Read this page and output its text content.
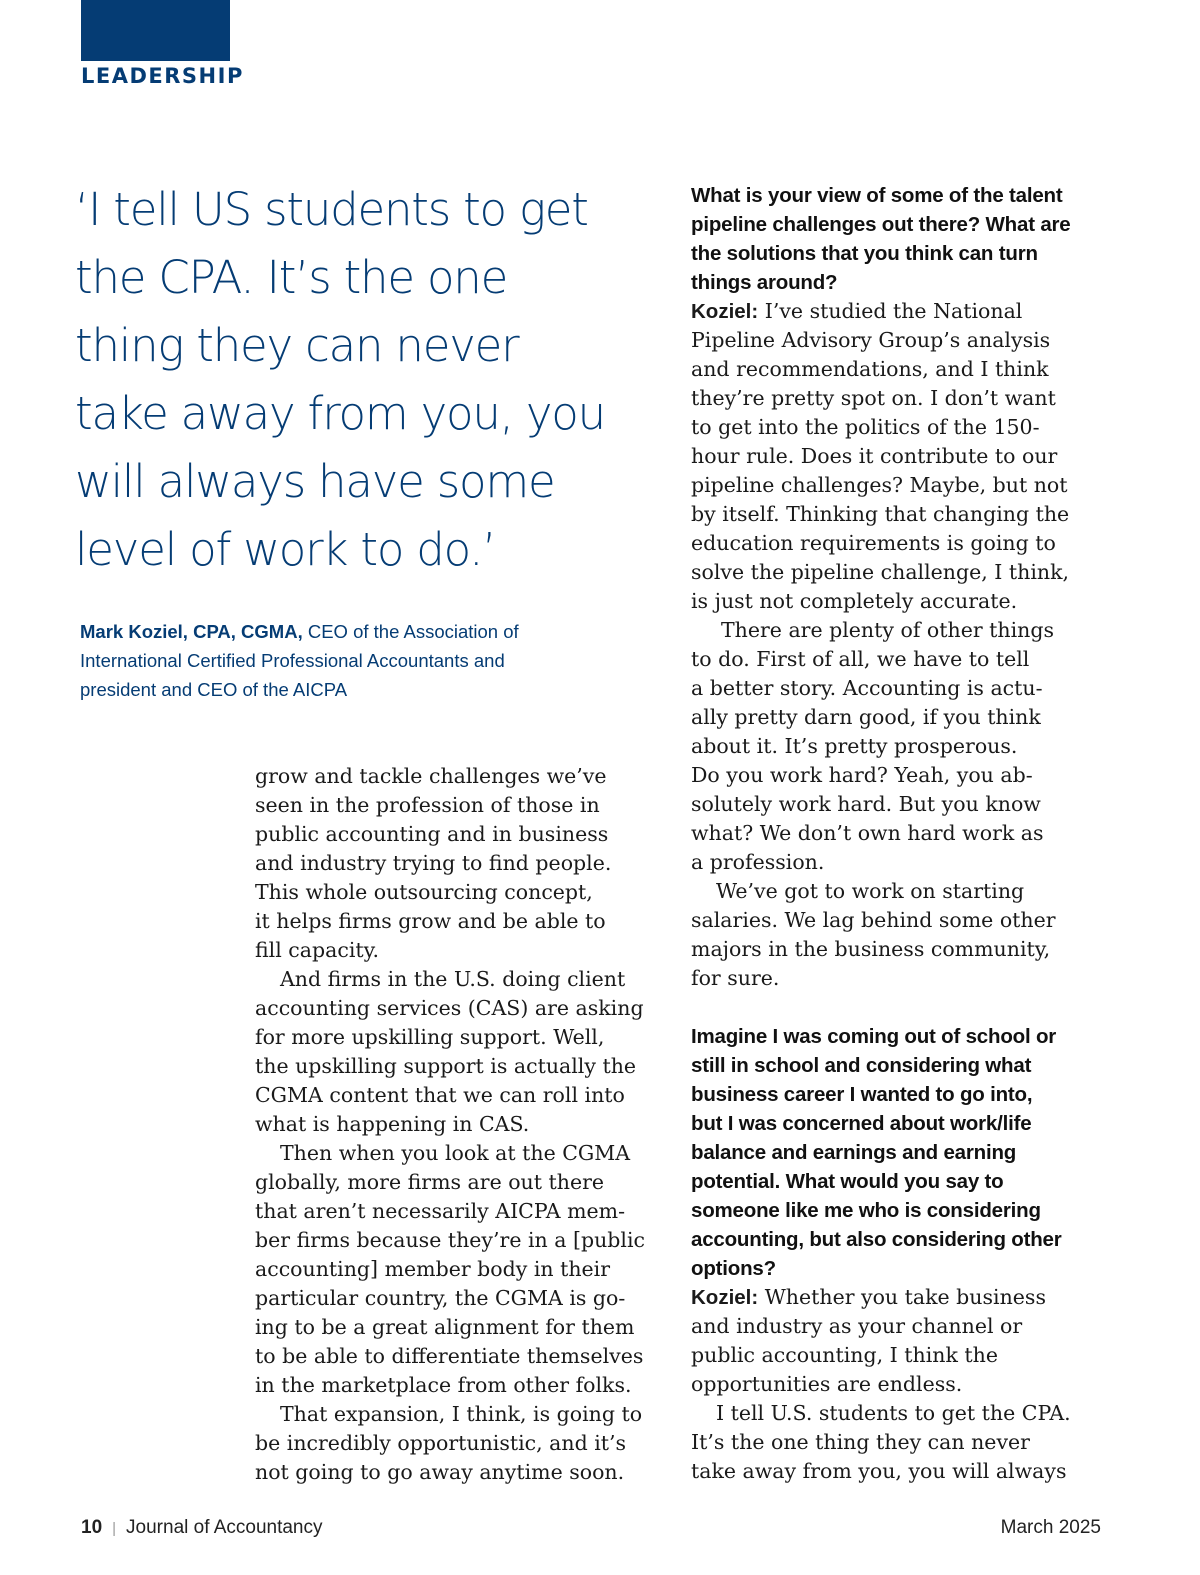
LEADERSHIP
‘I tell US students to get
the CPA. It’s the one
thing they can never
take away from you, you
will always have some
level of work to do.’
Mark Koziel, CPA, CGMA, CEO of the Association of International Certified Professional Accountants and president and CEO of the AICPA

grow and tackle challenges we’ve
seen in the profession of those in
public accounting and in business
and industry trying to find people.
This whole outsourcing concept,
it helps firms grow and be able to
fill capacity.

And firms in the U.S. doing client
accounting services (CAS) are asking
for more upskilling support. Well,
the upskilling support is actually the
CGMA content that we can roll into
what is happening in CAS.

Then when you look at the CGMA
globally, more firms are out there
that aren’t necessarily AICPA mem-
ber firms because they’re in a [public
accounting] member body in their
particular country, the CGMA is go-
ing to be a great alignment for them
to be able to differentiate themselves
in the marketplace from other folks.

That expansion, I think, is going to
be incredibly opportunistic, and it’s
not going to go away anytime soon.

What is your view of some of the talent
pipeline challenges out there? What are
the solutions that you think can turn
things around?

Koziel: I’ve studied the National
Pipeline Advisory Group’s analysis
and recommendations, and I think
they’re pretty spot on. I don’t want
to get into the politics of the 150-
hour rule. Does it contribute to our
pipeline challenges? Maybe, but not
by itself. Thinking that changing the
education requirements is going to
solve the pipeline challenge, I think,
is just not completely accurate.

There are plenty of other things
to do. First of all, we have to tell
a better story. Accounting is actu-
ally pretty darn good, if you think
about it. It’s pretty prosperous.
Do you work hard? Yeah, you ab-
solutely work hard. But you know
what? We don’t own hard work as
a profession.

We’ve got to work on starting
salaries. We lag behind some other
majors in the business community,
for sure.

Imagine I was coming out of school or
still in school and considering what
business career I wanted to go into,
but I was concerned about work/life
balance and earnings and earning
potential. What would you say to
someone like me who is considering
accounting, but also considering other
options?

Koziel: Whether you take business
and industry as your channel or
public accounting, I think the
opportunities are endless.

I tell U.S. students to get the CPA.
It’s the one thing they can never
take away from you, you will always

10 | Journal of Accountancy	March 2025
